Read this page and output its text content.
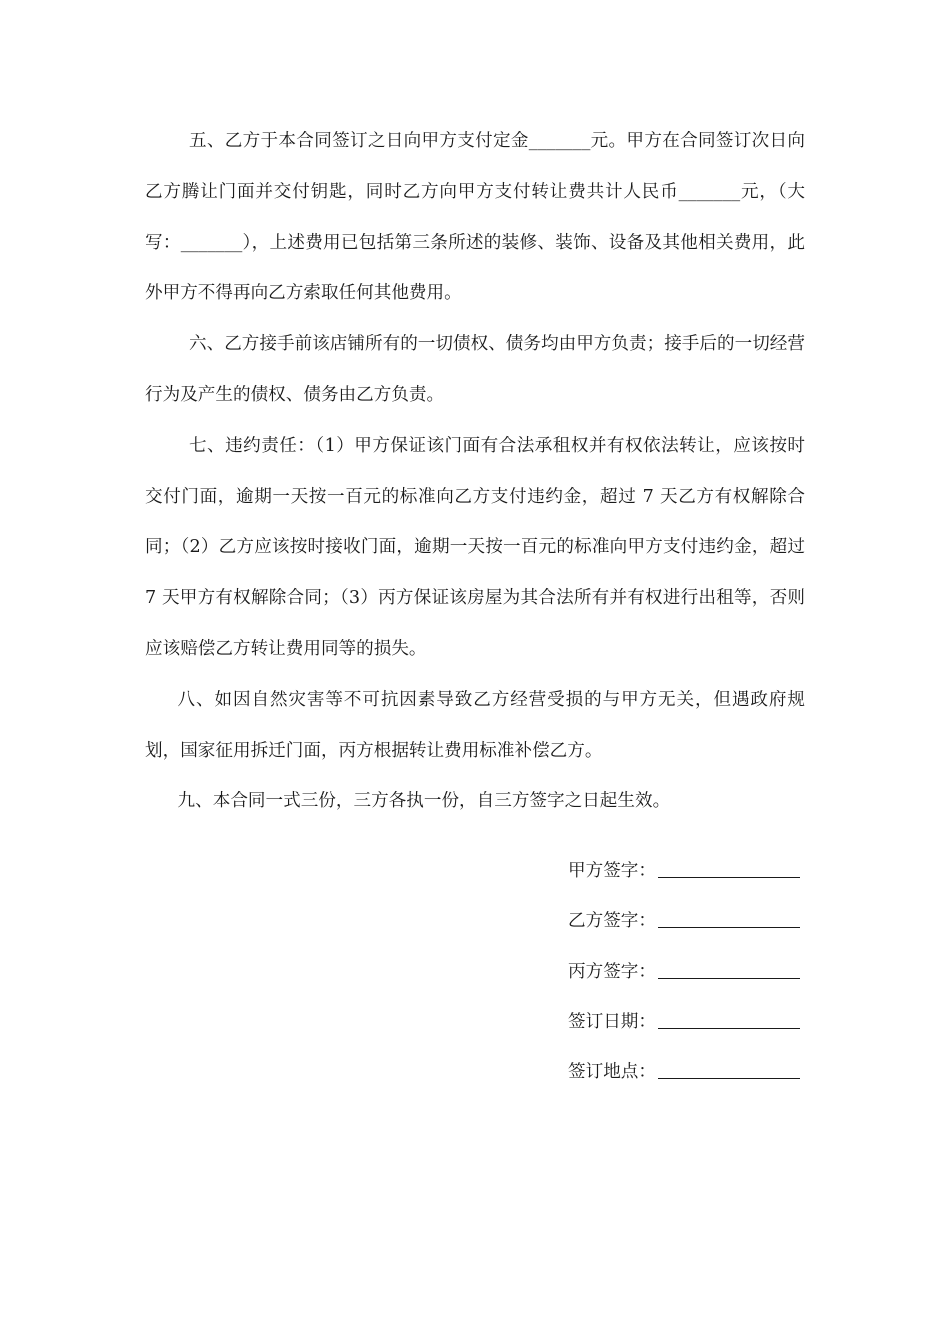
五、乙方于本合同签订之日向甲方支付定金_______元。甲方在合同签订次日向乙方腾让门面并交付钥匙，同时乙方向甲方支付转让费共计人民币_______元，（大写：_______），上述费用已包括第三条所述的装修、装饰、设备及其他相关费用，此外甲方不得再向乙方索取任何其他费用。

六、乙方接手前该店铺所有的一切债权、债务均由甲方负责；接手后的一切经营行为及产生的债权、债务由乙方负责。

七、违约责任：（1）甲方保证该门面有合法承租权并有权依法转让，应该按时交付门面，逾期一天按一百元的标准向乙方支付违约金，超过 7 天乙方有权解除合同；（2）乙方应该按时接收门面，逾期一天按一百元的标准向甲方支付违约金，超过 7 天甲方有权解除合同；（3）丙方保证该房屋为其合法所有并有权进行出租等，否则应该赔偿乙方转让费用同等的损失。

八、如因自然灾害等不可抗因素导致乙方经营受损的与甲方无关，但遇政府规划，国家征用拆迁门面，丙方根据转让费用标准补偿乙方。

九、本合同一式三份，三方各执一份，自三方签字之日起生效。

甲方签字：
乙方签字：
丙方签字：
签订日期：
签订地点：
